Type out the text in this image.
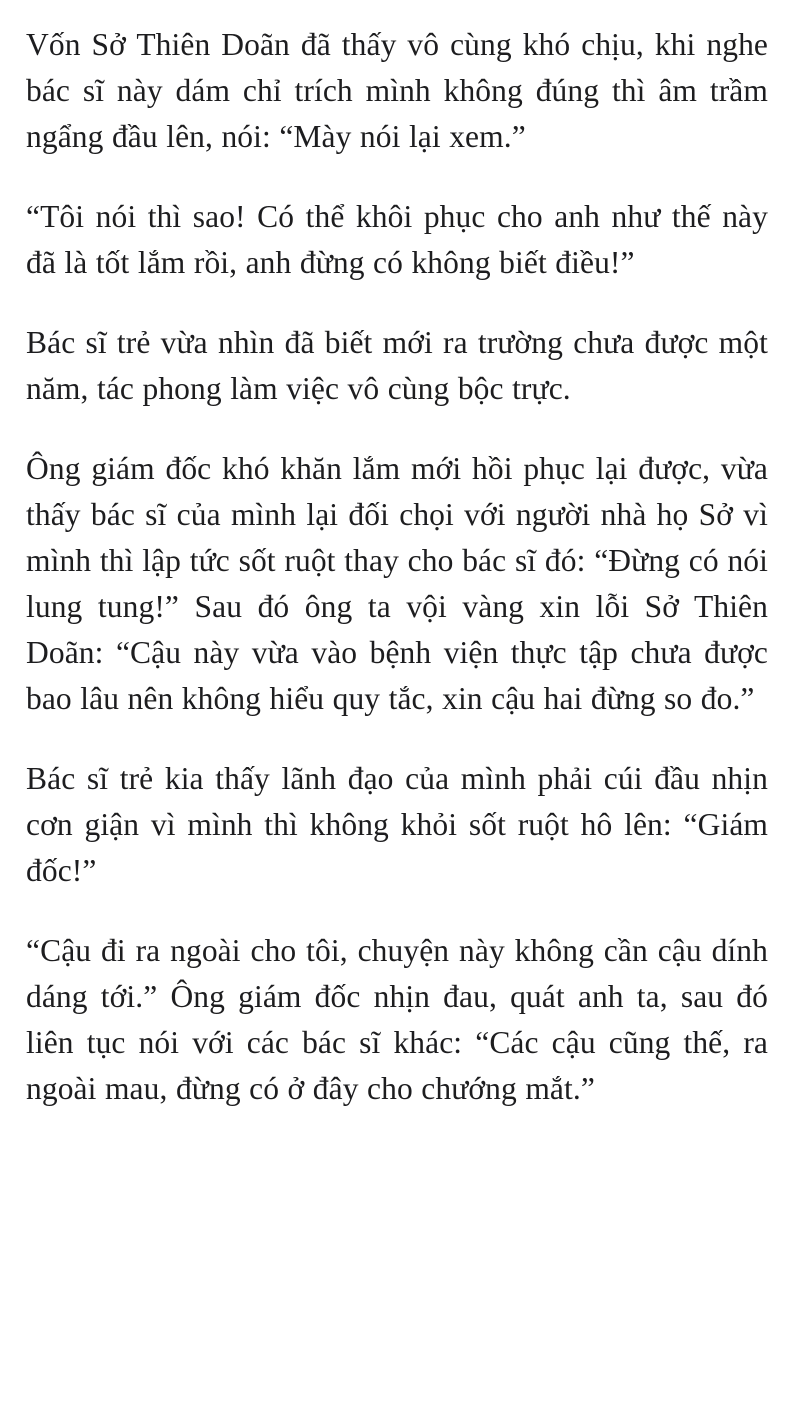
Vốn Sở Thiên Doãn đã thấy vô cùng khó chịu, khi nghe bác sĩ này dám chỉ trích mình không đúng thì âm trầm ngẩng đầu lên, nói: “Mày nói lại xem.”

“Tôi nói thì sao! Có thể khôi phục cho anh như thế này đã là tốt lắm rồi, anh đừng có không biết điều!”

Bác sĩ trẻ vừa nhìn đã biết mới ra trường chưa được một năm, tác phong làm việc vô cùng bộc trực.

Ông giám đốc khó khăn lắm mới hồi phục lại được, vừa thấy bác sĩ của mình lại đối chọi với người nhà họ Sở vì mình thì lập tức sốt ruột thay cho bác sĩ đó: “Đừng có nói lung tung!” Sau đó ông ta vội vàng xin lỗi Sở Thiên Doãn: “Cậu này vừa vào bệnh viện thực tập chưa được bao lâu nên không hiểu quy tắc, xin cậu hai đừng so đo.”

Bác sĩ trẻ kia thấy lãnh đạo của mình phải cúi đầu nhịn cơn giận vì mình thì không khỏi sốt ruột hô lên: “Giám đốc!”

“Cậu đi ra ngoài cho tôi, chuyện này không cần cậu dính dáng tới.” Ông giám đốc nhịn đau, quát anh ta, sau đó liên tục nói với các bác sĩ khác: “Các cậu cũng thế, ra ngoài mau, đừng có ở đây cho chướng mắt.”
